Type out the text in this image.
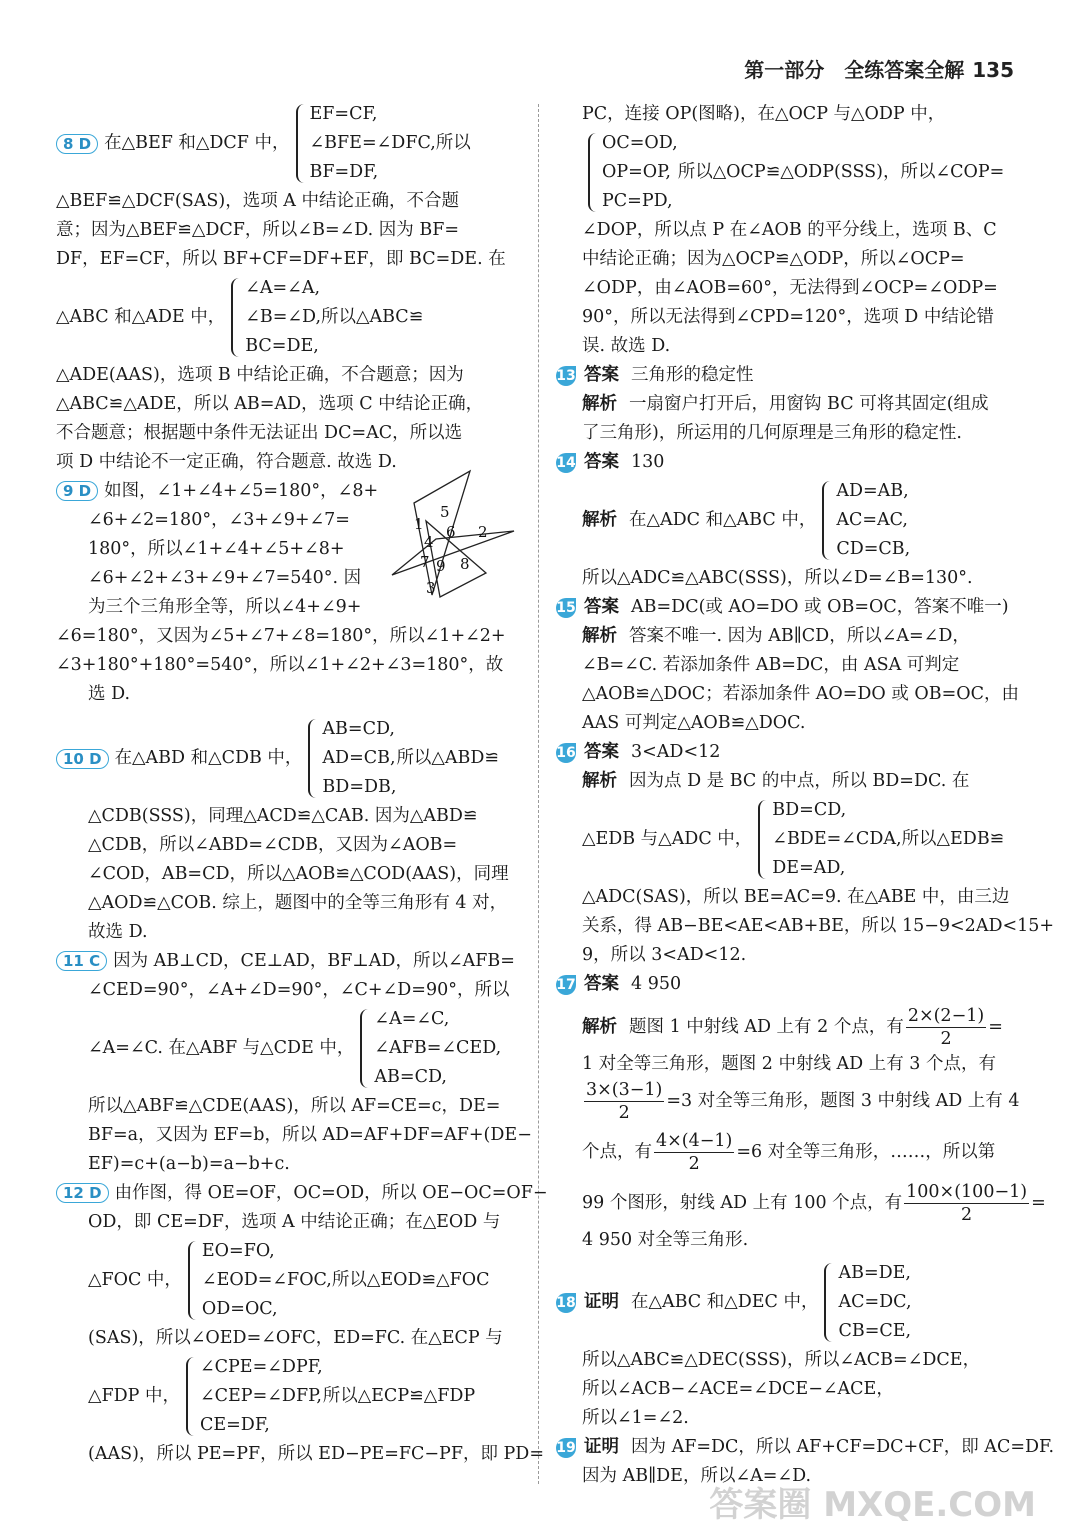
第一部分　全练答案全解 135
8 D 在△BEF 和△DCF 中，
EF=CF,
∠BFE=∠DFC,
BF=DF,
所以
△BEF≌△DCF(SAS)，选项 A 中结论正确，不合题
意；因为△BEF≌△DCF，所以∠B=∠D. 因为 BF=
DF，EF=CF，所以 BF+CF=DF+EF，即 BC=DE. 在
△ABC 和△ADE 中，
∠A=∠A,
∠B=∠D,
BC=DE,
所以△ABC≌
△ADE(AAS)，选项 B 中结论正确，不合题意；因为
△ABC≌△ADE，所以 AB=AD，选项 C 中结论正确，
不合题意；根据题中条件无法证出 DC=AC，所以选
项 D 中结论不一定正确，符合题意. 故选 D.
9 D 如图，∠1+∠4+∠5=180°，∠8+
∠6+∠2=180°，∠3+∠9+∠7=
180°，所以∠1+∠4+∠5+∠8+
∠6+∠2+∠3+∠9+∠7=540°. 因
为三个三角形全等，所以∠4+∠9+
1	2
3
4
5
6
7 8
9
∠6=180°，又因为∠5+∠7+∠8=180°，所以∠1+∠2+
∠3+180°+180°=540°，所以∠1+∠2+∠3=180°，故
选 D.
10 D 在△ABD 和△CDB 中，
AB=CD,
AD=CB,
BD=DB,
所以△ABD≌
△CDB(SSS)，同理△ACD≌△CAB. 因为△ABD≌
△CDB，所以∠ABD=∠CDB，又因为∠AOB=
∠COD，AB=CD，所以△AOB≌△COD(AAS)，同理
△AOD≌△COB. 综上，题图中的全等三角形有 4 对，
故选 D.
11 C 因为 AB⊥CD，CE⊥AD，BF⊥AD，所以∠AFB=
∠CED=90°，∠A+∠D=90°，∠C+∠D=90°，所以
∠A=∠C. 在△ABF 与△CDE 中，
∠A=∠C,
∠AFB=∠CED,
AB=CD,
所以△ABF≌△CDE(AAS)，所以 AF=CE=c，DE=
BF=a，又因为 EF=b，所以 AD=AF+DF=AF+(DE−
EF)=c+(a−b)=a−b+c.
12 D 由作图，得 OE=OF，OC=OD，所以 OE−OC=OF−
OD，即 CE=DF，选项 A 中结论正确；在△EOD 与
△FOC 中，
EO=FO,
∠EOD=∠FOC,
OD=OC,
所以△EOD≌△FOC
(SAS)，所以∠OED=∠OFC，ED=FC. 在△ECP 与
△FDP 中，
∠CPE=∠DPF,
∠CEP=∠DFP,
CE=DF,
所以△ECP≌△FDP
(AAS)，所以 PE=PF，所以 ED−PE=FC−PF，即 PD=
PC，连接 OP(图略)，在△OCP 与△ODP 中，
OC=OD,
OP=OP,
PC=PD,
所以△OCP≌△ODP(SSS)，所以∠COP=
∠DOP，所以点 P 在∠AOB 的平分线上，选项 B、C
中结论正确；因为△OCP≌△ODP，所以∠OCP=
∠ODP，由∠AOB=60°，无法得到∠OCP=∠ODP=
90°，所以无法得到∠CPD=120°，选项 D 中结论错
误. 故选 D.
13 答案 三角形的稳定性
解析 一扇窗户打开后，用窗钩 BC 可将其固定(组成
了三角形)，所运用的几何原理是三角形的稳定性.
14 答案 130
解析 在△ADC 和△ABC 中，
AD=AB,
AC=AC,
CD=CB,
所以△ADC≌△ABC(SSS)，所以∠D=∠B=130°.
15 答案 AB=DC(或 AO=DO 或 OB=OC，答案不唯一)
解析 答案不唯一. 因为 AB∥CD，所以∠A=∠D，
∠B=∠C. 若添加条件 AB=DC，由 ASA 可判定
△AOB≌△DOC；若添加条件 AO=DO 或 OB=OC，由
AAS 可判定△AOB≌△DOC.
16 答案 3<AD<12
解析 因为点 D 是 BC 的中点，所以 BD=DC. 在
△EDB 与△ADC 中，
BD=CD,
∠BDE=∠CDA,
DE=AD,
所以△EDB≌
△ADC(SAS)，所以 BE=AC=9. 在△ABE 中，由三边
关系，得 AB−BE<AE<AB+BE，所以 15−9<2AD<15+
9，所以 3<AD<12.
17 答案 4 950
解析 题图 1 中射线 AD 上有 2 个点，有 $\frac{2\times(2-1)}{2}$ =
1 对全等三角形，题图 2 中射线 AD 上有 3 个点，有
$\frac{3\times(3-1)}{2} =3$ 对全等三角形，题图 3 中射线 AD 上有 4
个点，有 $\frac{4\times(4-1)}{2} =6$ 对全等三角形，……，所以第
99 个图形，射线 AD 上有 100 个点，有 $\frac{100\times(100-1)}{2}$ =
4 950 对全等三角形.
18 证明 在△ABC 和△DEC 中，
AB=DE,
AC=DC,
CB=CE,
所以△ABC≌△DEC(SSS)，所以∠ACB=∠DCE，
所以∠ACB−∠ACE=∠DCE−∠ACE，
所以∠1=∠2.
19 证明 因为 AF=DC，所以 AF+CF=DC+CF，即 AC=DF.
因为 AB∥DE，所以∠A=∠D.
答案圈 MXQE.COM
